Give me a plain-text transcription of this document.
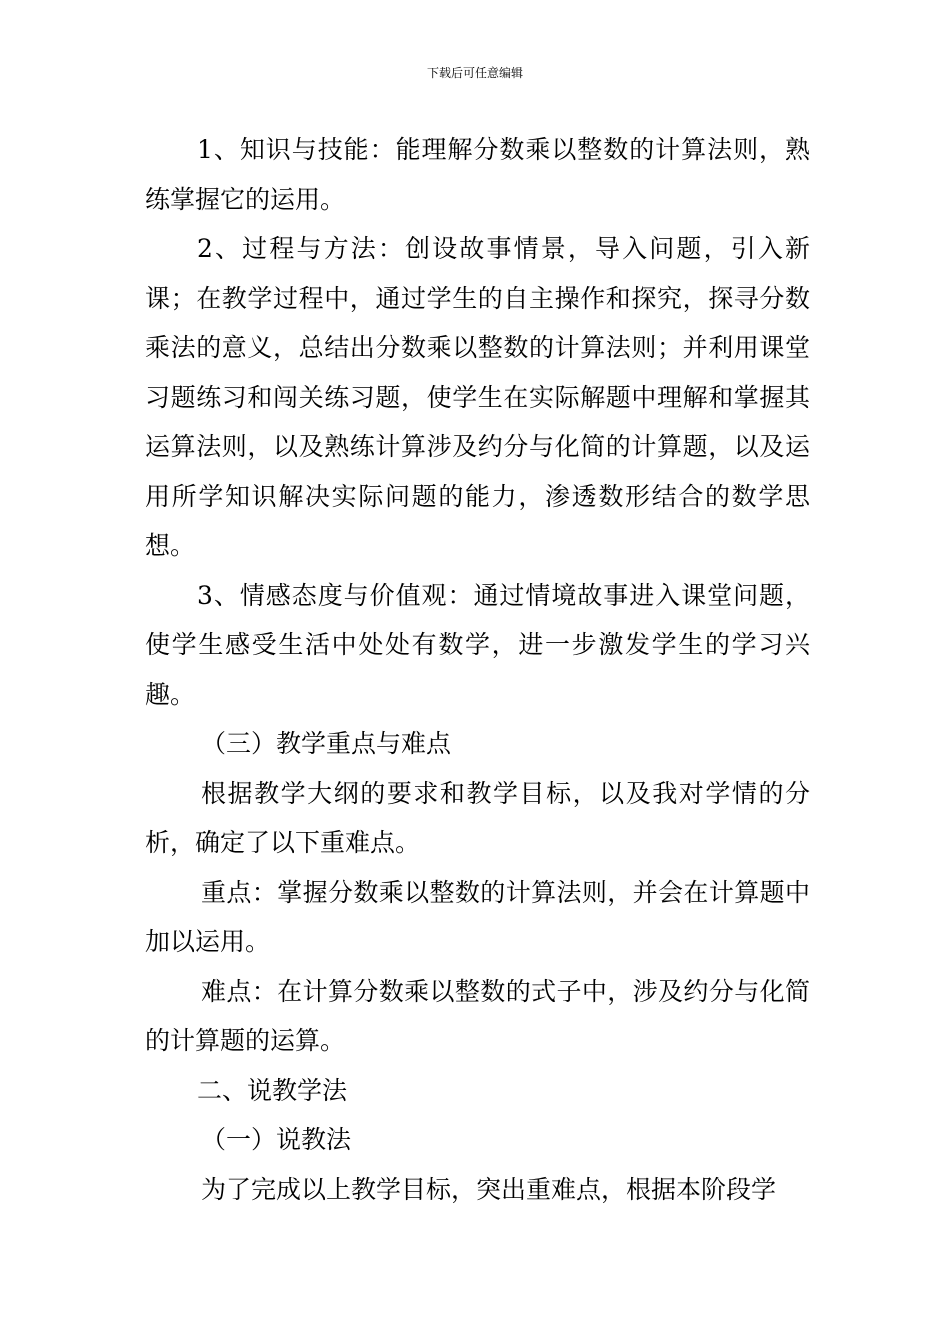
下载后可任意编辑

1、知识与技能：能理解分数乘以整数的计算法则，熟练掌握它的运用。

2、过程与方法：创设故事情景，导入问题，引入新课；在教学过程中，通过学生的自主操作和探究，探寻分数乘法的意义，总结出分数乘以整数的计算法则；并利用课堂习题练习和闯关练习题，使学生在实际解题中理解和掌握其运算法则，以及熟练计算涉及约分与化简的计算题，以及运用所学知识解决实际问题的能力，渗透数形结合的数学思想。

3、情感态度与价值观：通过情境故事进入课堂问题，使学生感受生活中处处有数学，进一步激发学生的学习兴趣。

（三）教学重点与难点

根据教学大纲的要求和教学目标，以及我对学情的分析，确定了以下重难点。

重点：掌握分数乘以整数的计算法则，并会在计算题中加以运用。

难点：在计算分数乘以整数的式子中，涉及约分与化简的计算题的运算。

二、说教学法

（一）说教法

为了完成以上教学目标，突出重难点，根据本阶段学
